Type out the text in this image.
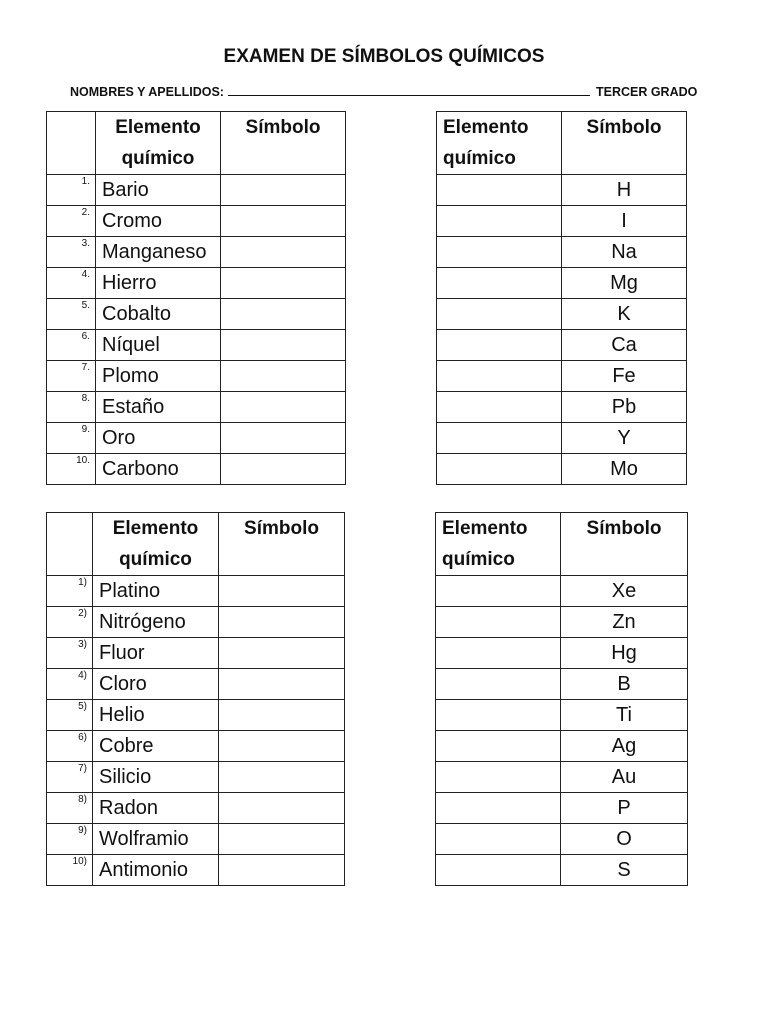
EXAMEN DE SÍMBOLOS QUÍMICOS
NOMBRES Y APELLIDOS:	TERCER GRADO
	Elemento químico	Símbolo
1.	Bario	
2.	Cromo	
3.	Manganeso	
4.	Hierro	
5.	Cobalto	
6.	Níquel	
7.	Plomo	
8.	Estaño	
9.	Oro	
10.	Carbono	
Elemento químico	Símbolo
	H
	I
	Na
	Mg
	K
	Ca
	Fe
	Pb
	Y
	Mo
	Elemento químico	Símbolo
1)	Platino	
2)	Nitrógeno	
3)	Fluor	
4)	Cloro	
5)	Helio	
6)	Cobre	
7)	Silicio	
8)	Radon	
9)	Wolframio	
10)	Antimonio	
Elemento químico	Símbolo
	Xe
	Zn
	Hg
	B
	Ti
	Ag
	Au
	P
	O
	S
